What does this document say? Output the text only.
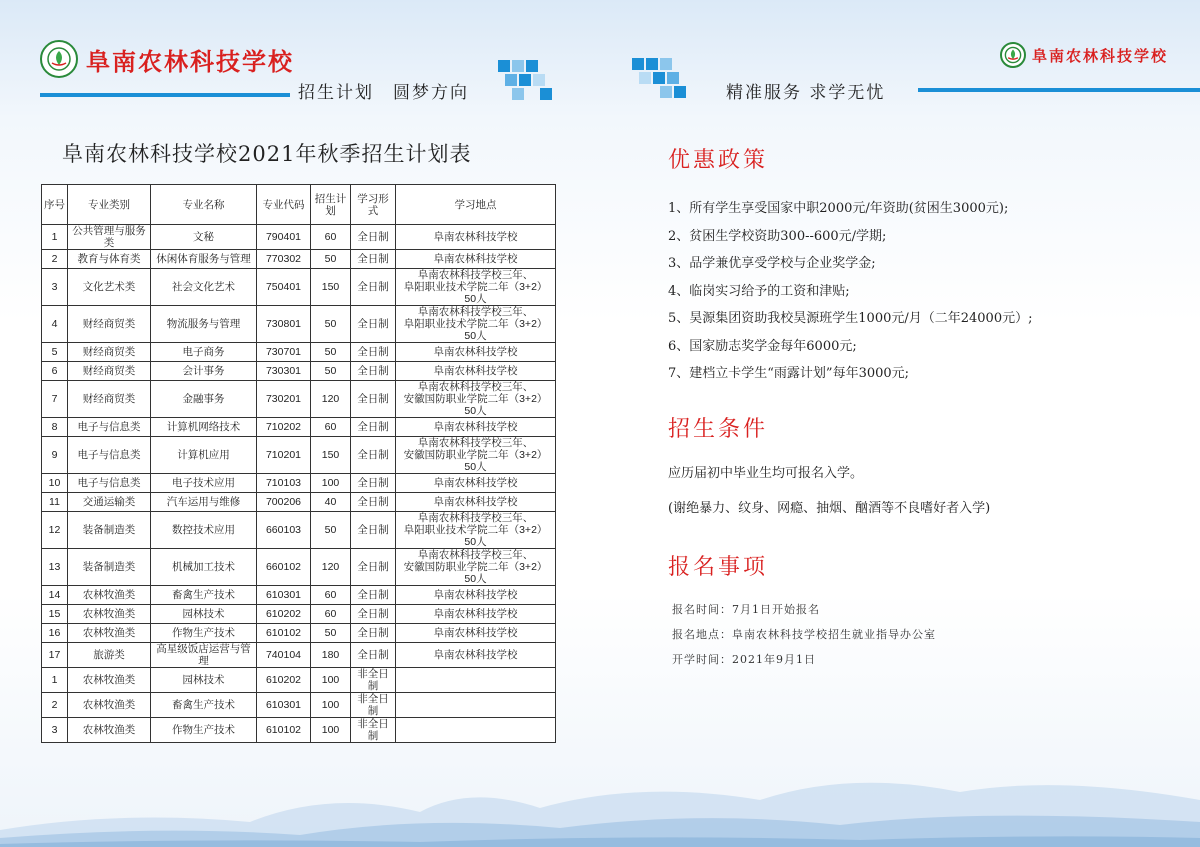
阜南农林科技学校	阜南农林科技学校
招生计划　圆梦方向	精准服务 求学无忧
阜南农林科技学校2021年秋季招生计划表
序号	专业类别	专业名称	专业代码	招生计划	学习形式	学习地点
1	公共管理与服务类	文秘	790401	60	全日制	阜南农林科技学校
2	教育与体育类	休闲体育服务与管理	770302	50	全日制	阜南农林科技学校
3	文化艺术类	社会文化艺术	750401	150	全日制	阜南农林科技学校三年、
阜阳职业技术学院二年（3+2）50人
4	财经商贸类	物流服务与管理	730801	50	全日制	阜南农林科技学校三年、
阜阳职业技术学院二年（3+2）50人
5	财经商贸类	电子商务	730701	50	全日制	阜南农林科技学校
6	财经商贸类	会计事务	730301	50	全日制	阜南农林科技学校
7	财经商贸类	金融事务	730201	120	全日制	阜南农林科技学校三年、
安徽国防职业学院二年（3+2）50人
8	电子与信息类	计算机网络技术	710202	60	全日制	阜南农林科技学校
9	电子与信息类	计算机应用	710201	150	全日制	阜南农林科技学校三年、
安徽国防职业学院二年（3+2）50人
10	电子与信息类	电子技术应用	710103	100	全日制	阜南农林科技学校
11	交通运输类	汽车运用与维修	700206	40	全日制	阜南农林科技学校
12	装备制造类	数控技术应用	660103	50	全日制	阜南农林科技学校三年、
阜阳职业技术学院二年（3+2）50人
13	装备制造类	机械加工技术	660102	120	全日制	阜南农林科技学校三年、
安徽国防职业学院二年（3+2）50人
14	农林牧渔类	畜禽生产技术	610301	60	全日制	阜南农林科技学校
15	农林牧渔类	园林技术	610202	60	全日制	阜南农林科技学校
16	农林牧渔类	作物生产技术	610102	50	全日制	阜南农林科技学校
17	旅游类	高星级饭店运营与管理	740104	180	全日制	阜南农林科技学校
1	农林牧渔类	园林技术	610202	100	非全日制	
2	农林牧渔类	畜禽生产技术	610301	100	非全日制	
3	农林牧渔类	作物生产技术	610102	100	非全日制	
优惠政策
1、所有学生享受国家中职2000元/年资助(贫困生3000元);
2、贫困生学校资助300--600元/学期;
3、品学兼优享受学校与企业奖学金;
4、临岗实习给予的工资和津贴;
5、昊源集团资助我校昊源班学生1000元/月（二年24000元）;
6、国家励志奖学金每年6000元;
7、建档立卡学生“雨露计划”每年3000元;
招生条件
应历届初中毕业生均可报名入学。
(谢绝暴力、纹身、网瘾、抽烟、酗酒等不良嗜好者入学)
报名事项
报名时间：7月1日开始报名
报名地点：阜南农林科技学校招生就业指导办公室
开学时间：2021年9月1日
